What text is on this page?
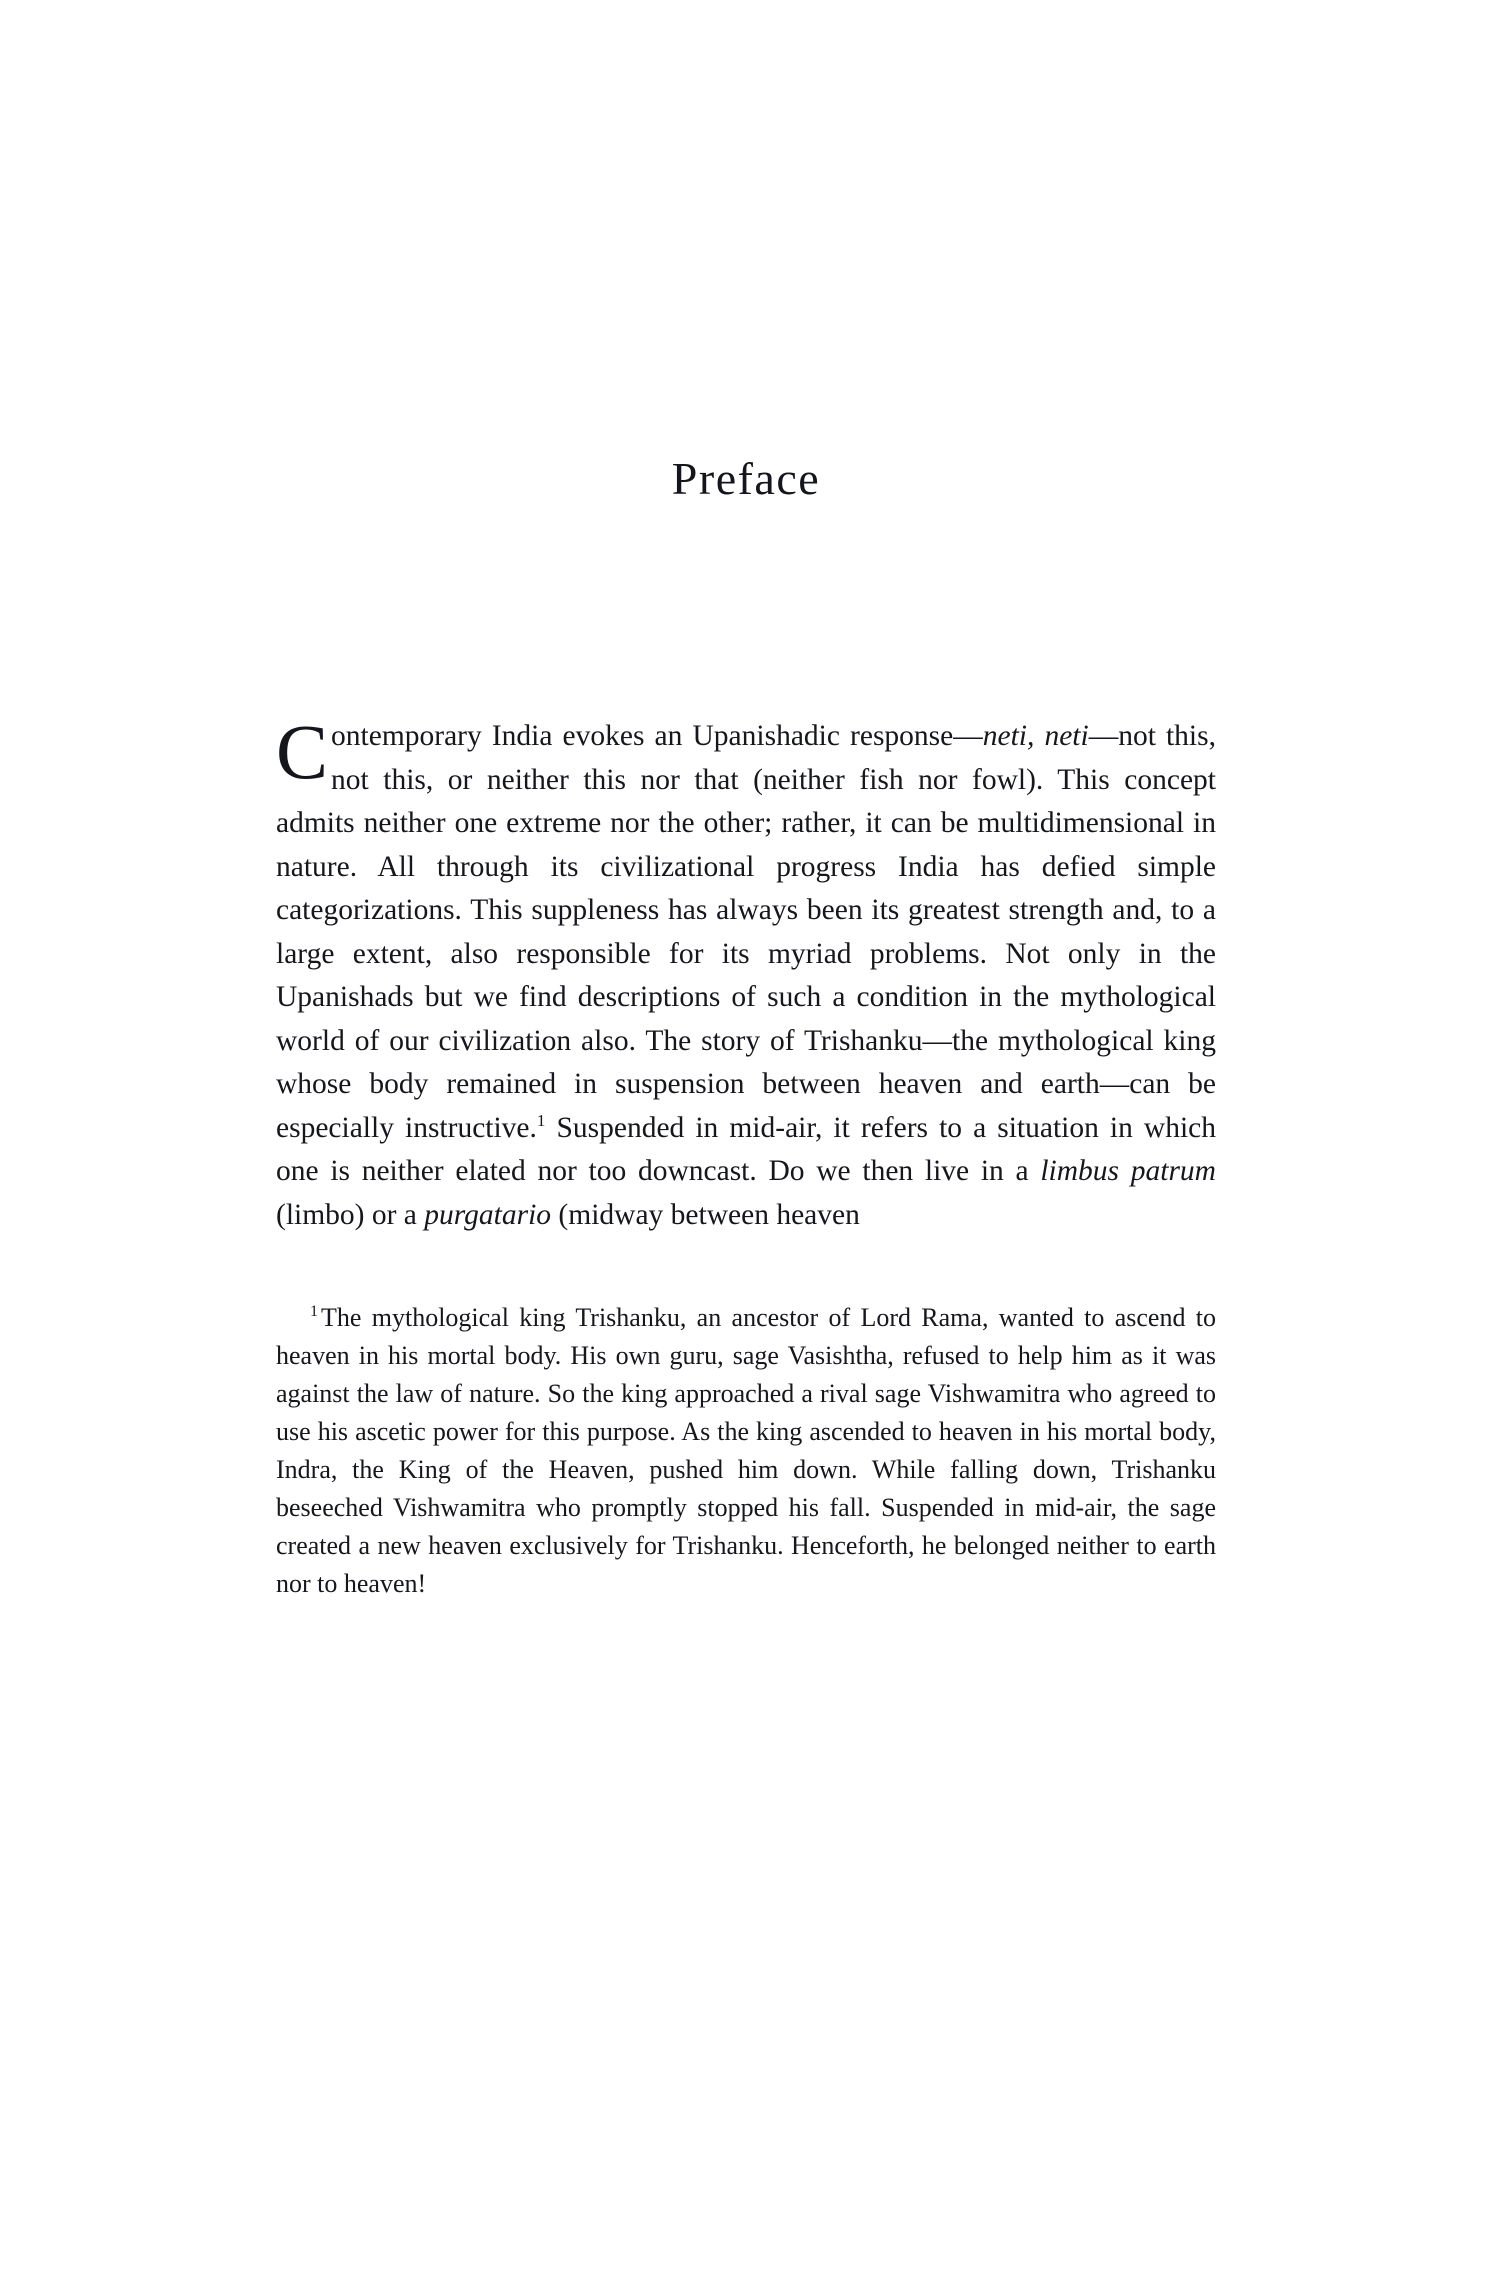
Preface
Contemporary India evokes an Upanishadic response—neti, neti—not this, not this, or neither this nor that (neither fish nor fowl). This concept admits neither one extreme nor the other; rather, it can be multidimensional in nature. All through its civilizational progress India has defied simple categorizations. This suppleness has always been its greatest strength and, to a large extent, also responsible for its myriad problems. Not only in the Upanishads but we find descriptions of such a condition in the mythological world of our civilization also. The story of Trishanku—the mythological king whose body remained in suspension between heaven and earth—can be especially instructive.$^1$ Suspended in mid-air, it refers to a situation in which one is neither elated nor too downcast. Do we then live in a limbus patrum (limbo) or a purgatario (midway between heaven
$^1$ The mythological king Trishanku, an ancestor of Lord Rama, wanted to ascend to heaven in his mortal body. His own guru, sage Vasishtha, refused to help him as it was against the law of nature. So the king approached a rival sage Vishwamitra who agreed to use his ascetic power for this purpose. As the king ascended to heaven in his mortal body, Indra, the King of the Heaven, pushed him down. While falling down, Trishanku beseeched Vishwamitra who promptly stopped his fall. Suspended in mid-air, the sage created a new heaven exclusively for Trishanku. Henceforth, he belonged neither to earth nor to heaven!
